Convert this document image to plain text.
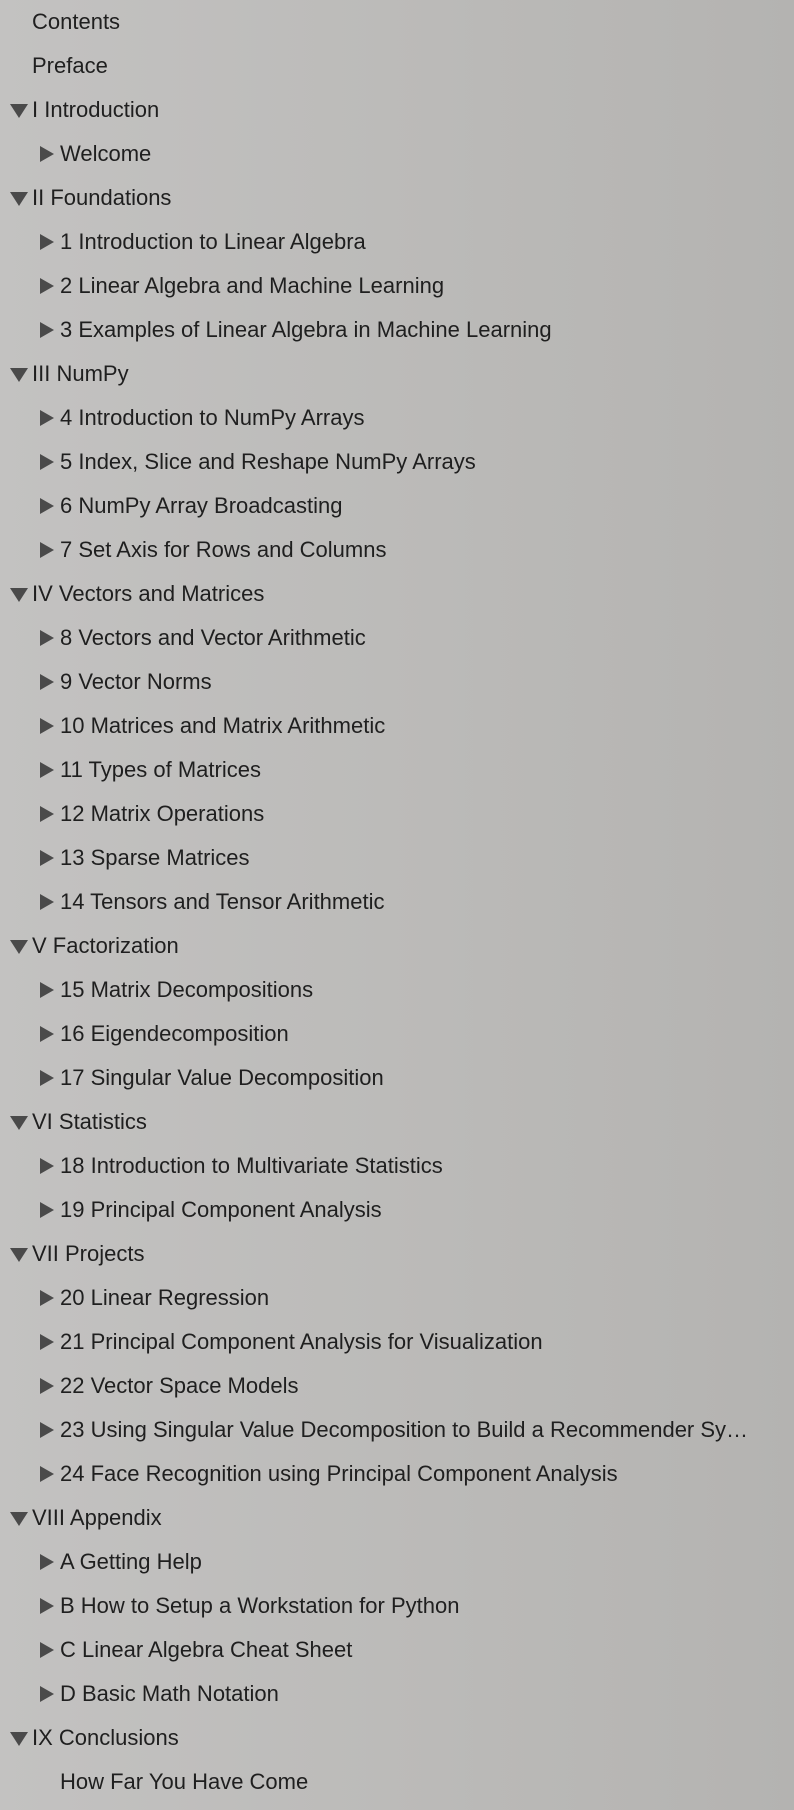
Contents
Preface
I Introduction
Welcome
II Foundations
1 Introduction to Linear Algebra
2 Linear Algebra and Machine Learning
3 Examples of Linear Algebra in Machine Learning
III NumPy
4 Introduction to NumPy Arrays
5 Index, Slice and Reshape NumPy Arrays
6 NumPy Array Broadcasting
7 Set Axis for Rows and Columns
IV Vectors and Matrices
8 Vectors and Vector Arithmetic
9 Vector Norms
10 Matrices and Matrix Arithmetic
11 Types of Matrices
12 Matrix Operations
13 Sparse Matrices
14 Tensors and Tensor Arithmetic
V Factorization
15 Matrix Decompositions
16 Eigendecomposition
17 Singular Value Decomposition
VI Statistics
18 Introduction to Multivariate Statistics
19 Principal Component Analysis
VII Projects
20 Linear Regression
21 Principal Component Analysis for Visualization
22 Vector Space Models
23 Using Singular Value Decomposition to Build a Recommender Sy…
24 Face Recognition using Principal Component Analysis
VIII Appendix
A Getting Help
B How to Setup a Workstation for Python
C Linear Algebra Cheat Sheet
D Basic Math Notation
IX Conclusions
How Far You Have Come
